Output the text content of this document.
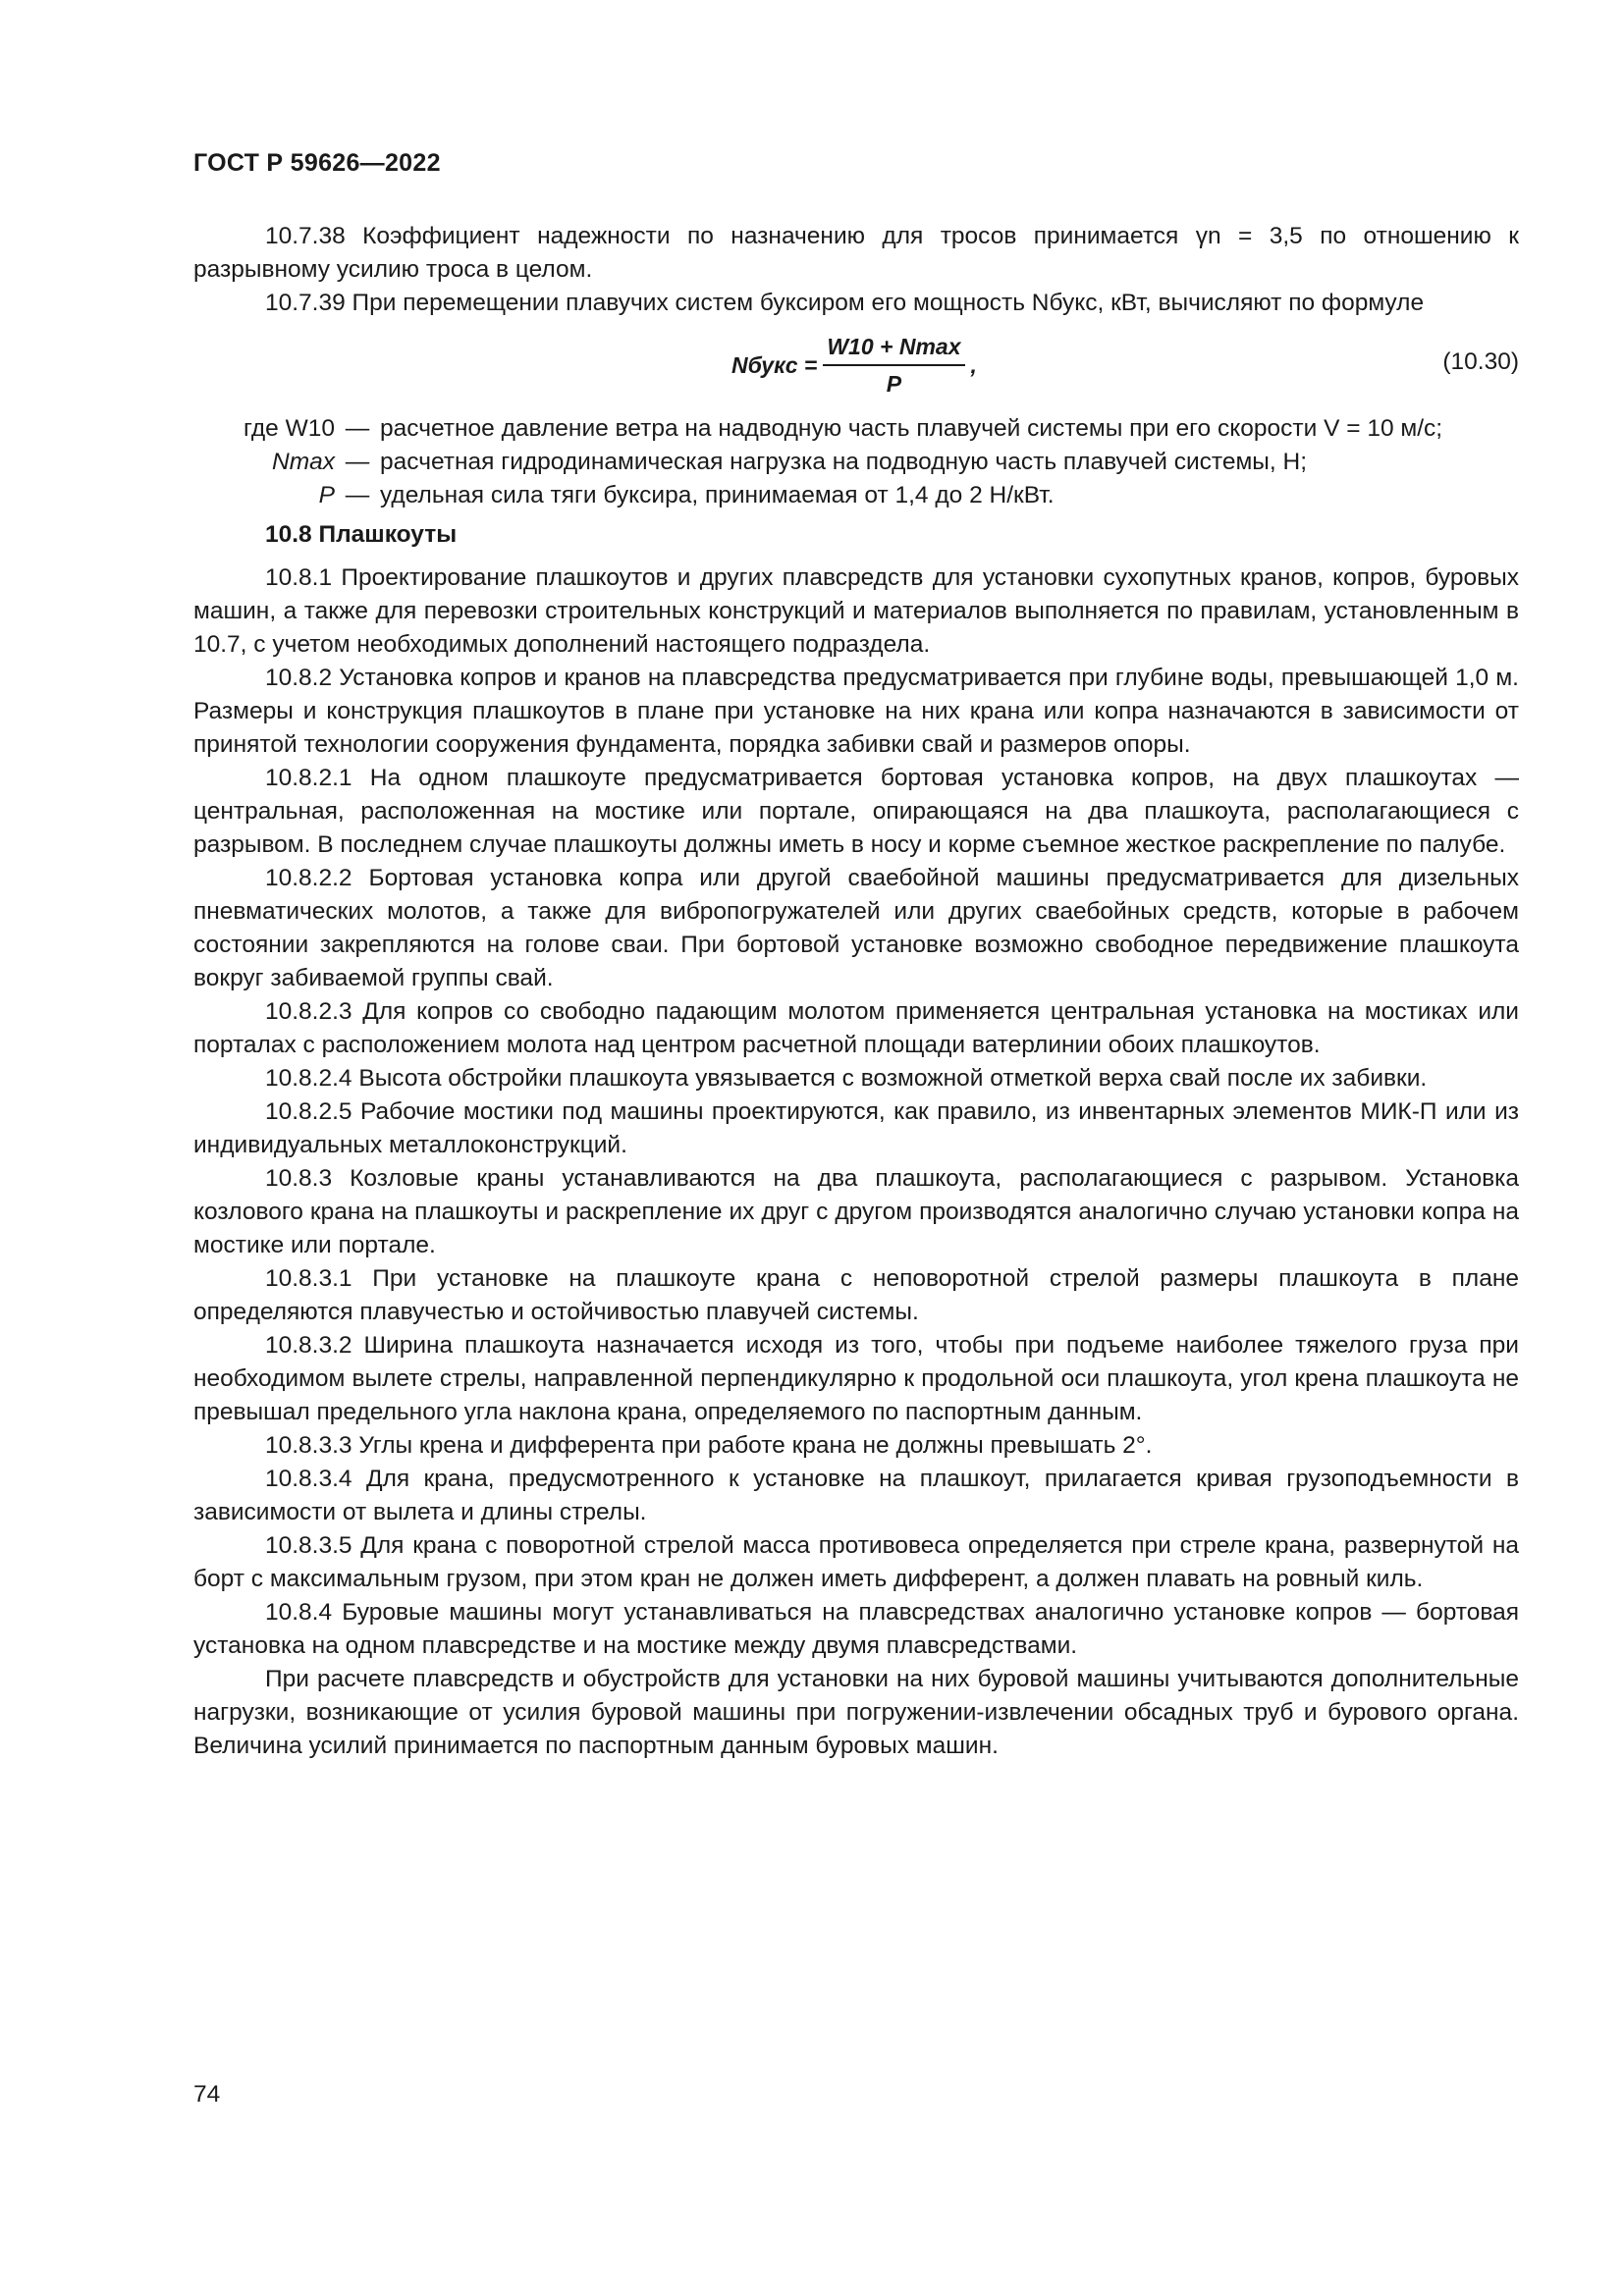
ГОСТ Р 59626—2022

10.7.38 Коэффициент надежности по назначению для тросов принимается γn = 3,5 по отношению к разрывному усилию троса в целом.

10.7.39 При перемещении плавучих систем буксиром его мощность Nбукс, кВт, вычисляют по формуле

Nбукс = $\frac{W10 + Nmax}{P}$ ,	(10.30)
где W10 — расчетное давление ветра на надводную часть плавучей системы при его скорости V = 10 м/с;
Nmax — расчетная гидродинамическая нагрузка на подводную часть плавучей системы, Н;
P — удельная сила тяги буксира, принимаемая от 1,4 до 2 Н/кВт.
10.8 Плашкоуты

10.8.1 Проектирование плашкоутов и других плавсредств для установки сухопутных кранов, копров, буровых машин, а также для перевозки строительных конструкций и материалов выполняется по правилам, установленным в 10.7, с учетом необходимых дополнений настоящего подраздела.

10.8.2 Установка копров и кранов на плавсредства предусматривается при глубине воды, превышающей 1,0 м. Размеры и конструкция плашкоутов в плане при установке на них крана или копра назначаются в зависимости от принятой технологии сооружения фундамента, порядка забивки свай и размеров опоры.

10.8.2.1 На одном плашкоуте предусматривается бортовая установка копров, на двух плашкоутах — центральная, расположенная на мостике или портале, опирающаяся на два плашкоута, располагающиеся с разрывом. В последнем случае плашкоуты должны иметь в носу и корме съемное жесткое раскрепление по палубе.

10.8.2.2 Бортовая установка копра или другой сваебойной машины предусматривается для дизельных пневматических молотов, а также для вибропогружателей или других сваебойных средств, которые в рабочем состоянии закрепляются на голове сваи. При бортовой установке возможно свободное передвижение плашкоута вокруг забиваемой группы свай.

10.8.2.3 Для копров со свободно падающим молотом применяется центральная установка на мостиках или порталах с расположением молота над центром расчетной площади ватерлинии обоих плашкоутов.

10.8.2.4 Высота обстройки плашкоута увязывается с возможной отметкой верха свай после их забивки.

10.8.2.5 Рабочие мостики под машины проектируются, как правило, из инвентарных элементов МИК-П или из индивидуальных металлоконструкций.

10.8.3 Козловые краны устанавливаются на два плашкоута, располагающиеся с разрывом. Установка козлового крана на плашкоуты и раскрепление их друг с другом производятся аналогично случаю установки копра на мостике или портале.

10.8.3.1 При установке на плашкоуте крана с неповоротной стрелой размеры плашкоута в плане определяются плавучестью и остойчивостью плавучей системы.

10.8.3.2 Ширина плашкоута назначается исходя из того, чтобы при подъеме наиболее тяжелого груза при необходимом вылете стрелы, направленной перпендикулярно к продольной оси плашкоута, угол крена плашкоута не превышал предельного угла наклона крана, определяемого по паспортным данным.

10.8.3.3 Углы крена и дифферента при работе крана не должны превышать 2°.

10.8.3.4 Для крана, предусмотренного к установке на плашкоут, прилагается кривая грузоподъемности в зависимости от вылета и длины стрелы.

10.8.3.5 Для крана с поворотной стрелой масса противовеса определяется при стреле крана, развернутой на борт с максимальным грузом, при этом кран не должен иметь дифферент, а должен плавать на ровный киль.

10.8.4 Буровые машины могут устанавливаться на плавсредствах аналогично установке копров — бортовая установка на одном плавсредстве и на мостике между двумя плавсредствами.

При расчете плавсредств и обустройств для установки на них буровой машины учитываются дополнительные нагрузки, возникающие от усилия буровой машины при погружении-извлечении обсадных труб и бурового органа. Величина усилий принимается по паспортным данным буровых машин.

74
